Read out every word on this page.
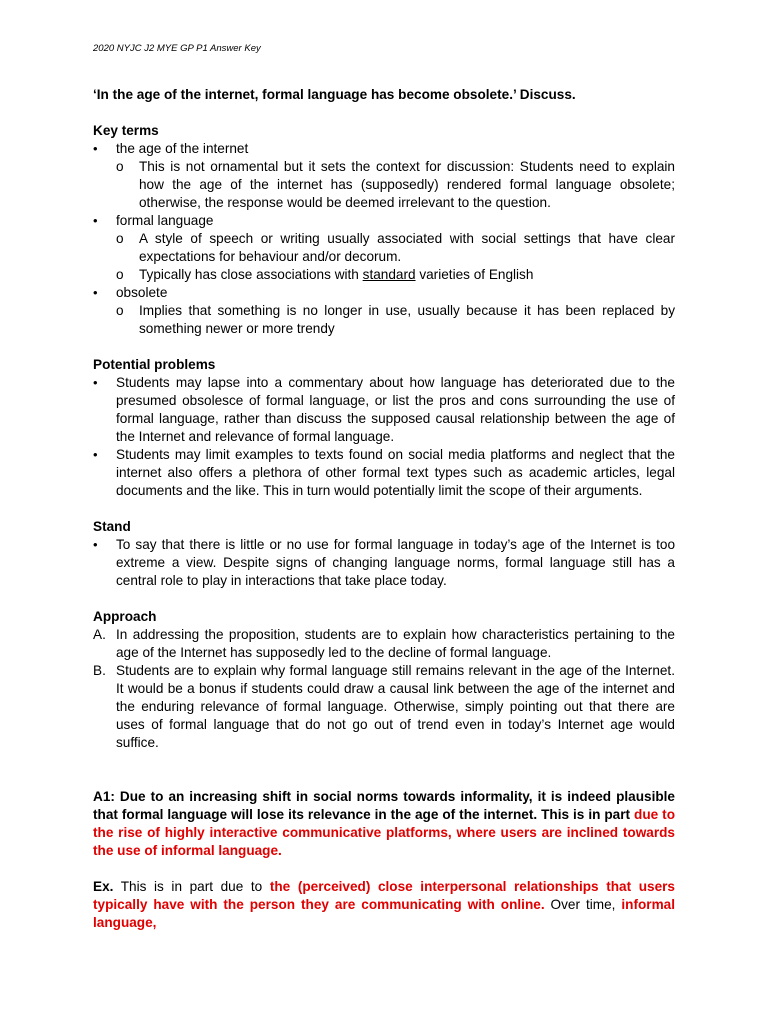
2020 NYJC J2 MYE GP P1 Answer Key

‘In the age of the internet, formal language has become obsolete.’ Discuss.

Key terms

•	the age of the internet
o This is not ornamental but it sets the context for discussion: Students need to explain how the age of the internet has (supposedly) rendered formal language obsolete; otherwise, the response would be deemed irrelevant to the question.
•	formal language
o A style of speech or writing usually associated with social settings that have clear expectations for behaviour and/or decorum.
o Typically has close associations with standard varieties of English
•	obsolete
o Implies that something is no longer in use, usually because it has been replaced by something newer or more trendy

Potential problems

•	Students may lapse into a commentary about how language has deteriorated due to the presumed obsolesce of formal language, or list the pros and cons surrounding the use of formal language, rather than discuss the supposed causal relationship between the age of the Internet and relevance of formal language.
•	Students may limit examples to texts found on social media platforms and neglect that the internet also offers a plethora of other formal text types such as academic articles, legal documents and the like. This in turn would potentially limit the scope of their arguments.

Stand

•	To say that there is little or no use for formal language in today’s age of the Internet is too extreme a view. Despite signs of changing language norms, formal language still has a central role to play in interactions that take place today.

Approach

A. In addressing the proposition, students are to explain how characteristics pertaining to the age of the Internet has supposedly led to the decline of formal language.
B. Students are to explain why formal language still remains relevant in the age of the Internet. It would be a bonus if students could draw a causal link between the age of the internet and the enduring relevance of formal language. Otherwise, simply pointing out that there are uses of formal language that do not go out of trend even in today’s Internet age would suffice.

A1: Due to an increasing shift in social norms towards informality, it is indeed plausible that formal language will lose its relevance in the age of the internet. This is in part due to the rise of highly interactive communicative platforms, where users are inclined towards the use of informal language.

Ex. This is in part due to the (perceived) close interpersonal relationships that users typically have with the person they are communicating with online. Over time, informal language,
